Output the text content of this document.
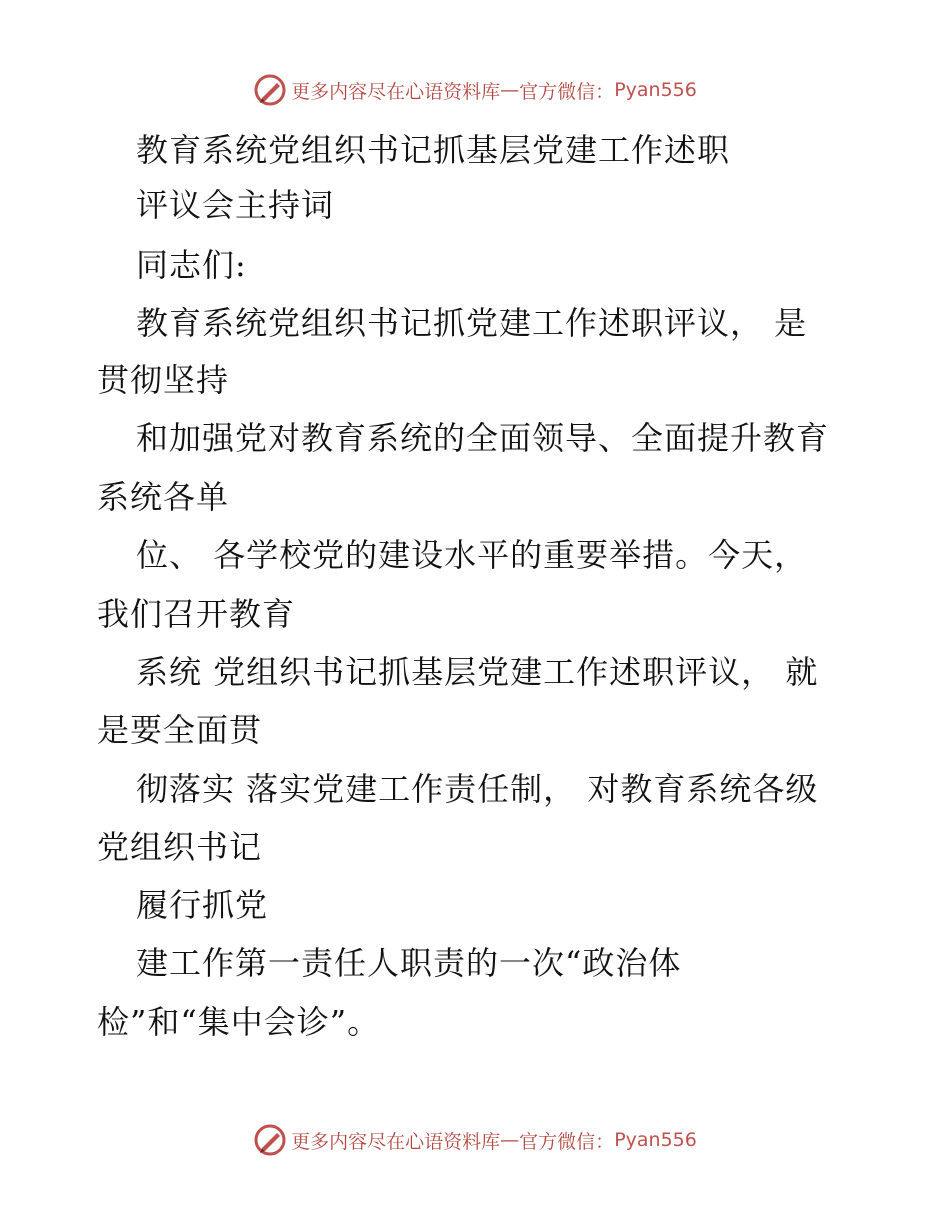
更多内容尽在心语资料库 — 官方微信： Pyan556
教育系统党组织书记抓基层党建工作述职
评议会主持词
同志们:
教育系统党组织书记抓党建工作述职评议， 是
贯彻坚持
和加强党对教育系统的全面领导、全面提升教育
系统各单
位、 各学校党的建设水平的重要举措。今天，
我们召开教育
系统 党组织书记抓基层党建工作述职评议， 就
是要全面贯
彻落实 落实党建工作责任制， 对教育系统各级
党组织书记
履行抓党
建工作第一责任人职责的一次“政治体
检”和“集中会诊”。
更多内容尽在心语资料库 — 官方微信： Pyan556
